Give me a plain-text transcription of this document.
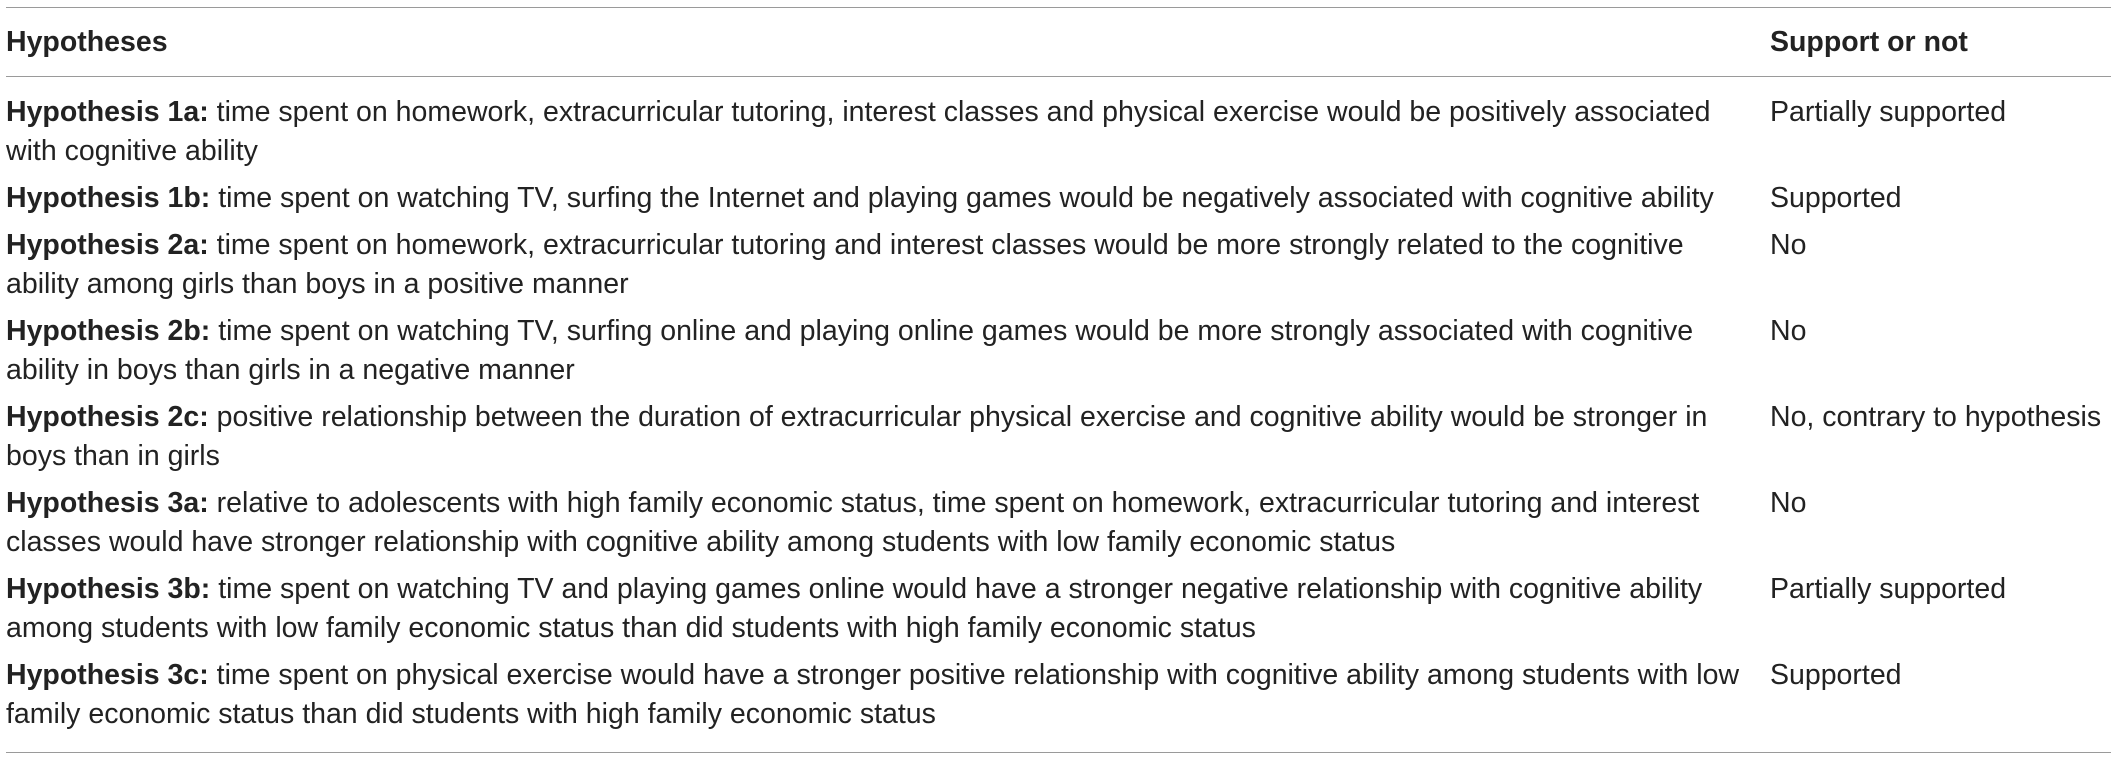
Hypotheses	Support or not
Hypothesis 1a: time spent on homework, extracurricular tutoring, interest classes and physical exercise would be positively associated with cognitive ability	Partially supported
Hypothesis 1b: time spent on watching TV, surfing the Internet and playing games would be negatively associated with cognitive ability	Supported
Hypothesis 2a: time spent on homework, extracurricular tutoring and interest classes would be more strongly related to the cognitive ability among girls than boys in a positive manner	No
Hypothesis 2b: time spent on watching TV, surfing online and playing online games would be more strongly associated with cognitive ability in boys than girls in a negative manner	No
Hypothesis 2c: positive relationship between the duration of extracurricular physical exercise and cognitive ability would be stronger in boys than in girls	No, contrary to hypothesis
Hypothesis 3a: relative to adolescents with high family economic status, time spent on homework, extracurricular tutoring and interest classes would have stronger relationship with cognitive ability among students with low family economic status	No
Hypothesis 3b: time spent on watching TV and playing games online would have a stronger negative relationship with cognitive ability among students with low family economic status than did students with high family economic status	Partially supported
Hypothesis 3c: time spent on physical exercise would have a stronger positive relationship with cognitive ability among students with low family economic status than did students with high family economic status	Supported
